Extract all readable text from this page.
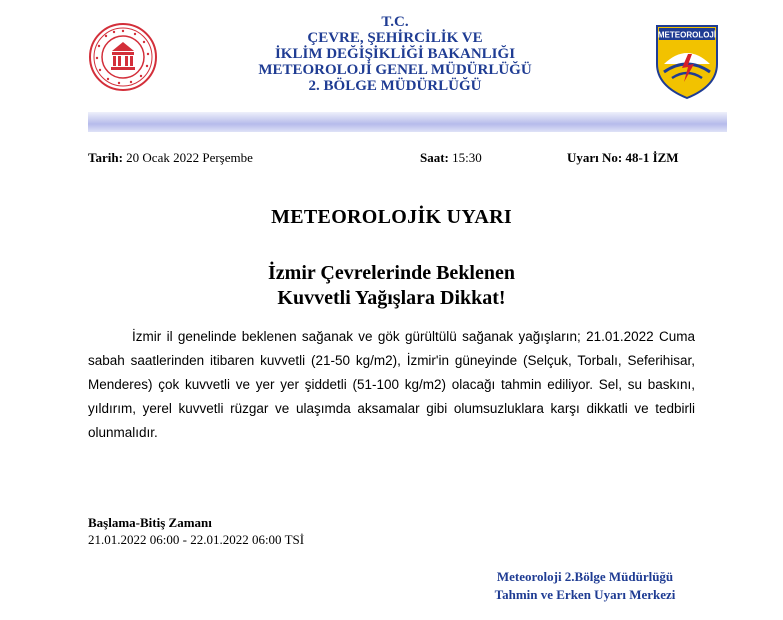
T.C.
ÇEVRE, ŞEHİRCİLİK VE
İKLİM DEĞİŞİKLİĞİ BAKANLIĞI
METEOROLOJİ GENEL MÜDÜRLÜĞÜ
2. BÖLGE MÜDÜRLÜĞÜ
METEOROLOJİ
Tarih: 20 Ocak 2022 Perşembe	Saat: 15:30	Uyarı No: 48-1 İZM
METEOROLOJİK UYARI
İzmir Çevrelerinde Beklenen
Kuvvetli Yağışlara Dikkat!
İzmir il genelinde beklenen sağanak ve gök gürültülü sağanak yağışların; 21.01.2022 Cuma sabah saatlerinden itibaren kuvvetli (21-50 kg/m2), İzmir'in güneyinde (Selçuk, Torbalı, Seferihisar, Menderes) çok kuvvetli ve yer yer şiddetli (51-100 kg/m2) olacağı tahmin ediliyor. Sel, su baskını, yıldırım, yerel kuvvetli rüzgar ve ulaşımda aksamalar gibi olumsuzluklara karşı dikkatli ve tedbirli olunmalıdır.
Başlama-Bitiş Zamanı
21.01.2022 06:00 - 22.01.2022 06:00 TSİ
Meteoroloji 2.Bölge Müdürlüğü
Tahmin ve Erken Uyarı Merkezi
